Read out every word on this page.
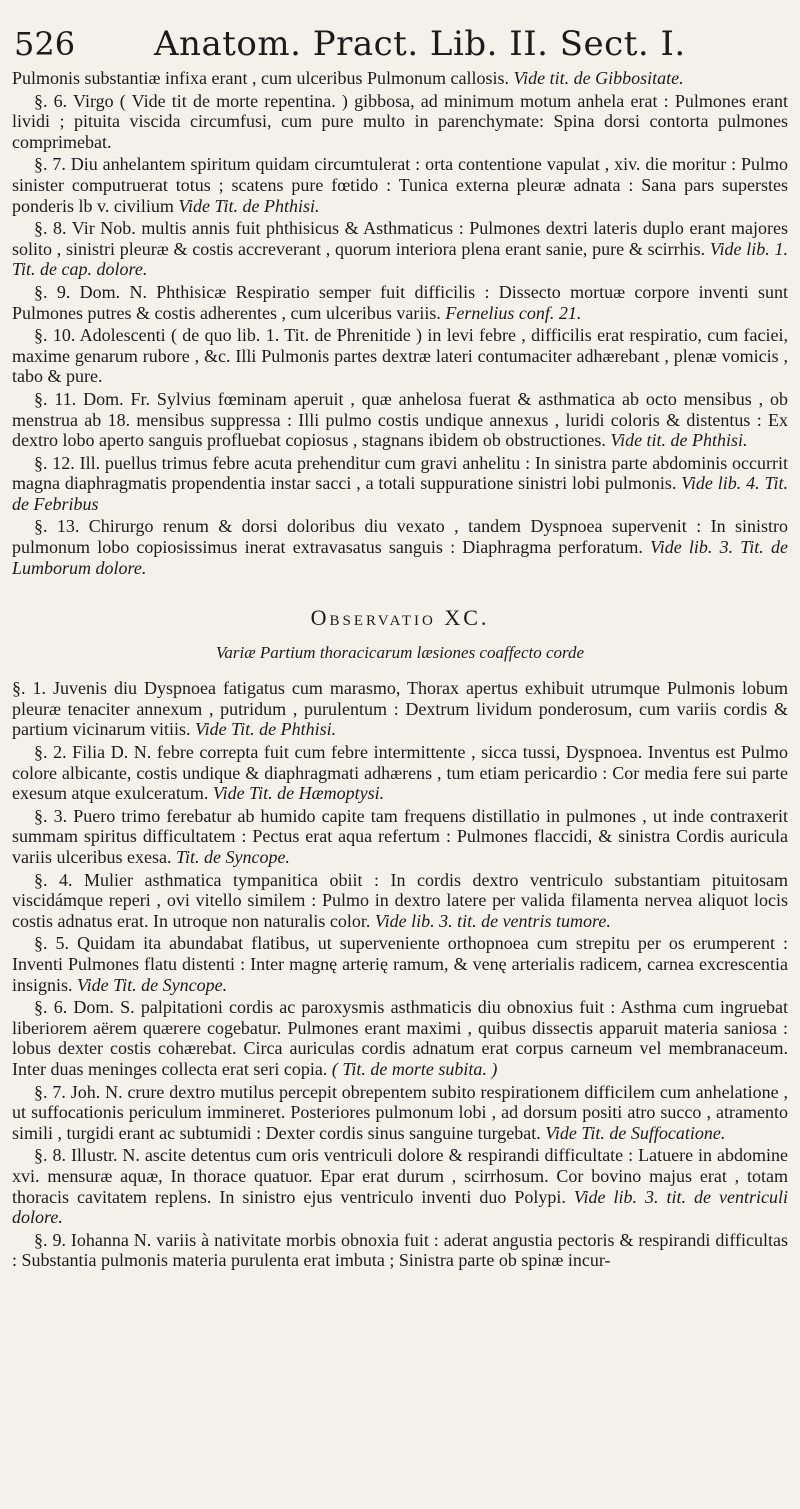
526 Anatom. Pract. Lib. II. Sect. I.

Pulmonis substantiæ infixa erant , cum ulceribus Pulmonum callosis. Vide tit. de Gibbositate.

§. 6. Virgo ( Vide tit de morte repentina. ) gibbosa, ad minimum motum anhela erat : Pulmones erant lividi ; pituita viscida circumfusi, cum pure multo in parenchymate: Spina dorsi contorta pulmones comprimebat.

§. 7. Diu anhelantem spiritum quidam circumtulerat : orta contentione vapulat , xiv. die moritur : Pulmo sinister computruerat totus ; scatens pure fœtido : Tunica externa pleuræ adnata : Sana pars superstes ponderis lb v. civilium Vide Tit. de Phthisi.

§. 8. Vir Nob. multis annis fuit phthisicus & Asthmaticus : Pulmones dextri lateris duplo erant majores solito , sinistri pleuræ & costis accreverant , quorum interiora plena erant sanie, pure & scirrhis. Vide lib. 1. Tit. de cap. dolore.

§. 9. Dom. N. Phthisicæ Respiratio semper fuit difficilis : Dissecto mortuæ corpore inventi sunt Pulmones putres & costis adherentes , cum ulceribus variis. Fernelius conf. 21.

§. 10. Adolescenti ( de quo lib. 1. Tit. de Phrenitide ) in levi febre , difficilis erat respiratio, cum faciei, maxime genarum rubore , &c. Illi Pulmonis partes dextræ lateri contumaciter adhærebant , plenæ vomicis , tabo & pure.

§. 11. Dom. Fr. Sylvius fœminam aperuit , quæ anhelosa fuerat & asthmatica ab octo mensibus , ob menstrua ab 18. mensibus suppressa : Illi pulmo costis undique annexus , luridi coloris & distentus : Ex dextro lobo aperto sanguis profluebat copiosus , stagnans ibidem ob obstructiones. Vide tit. de Phthisi.

§. 12. Ill. puellus trimus febre acuta prehenditur cum gravi anhelitu : In sinistra parte abdominis occurrit magna diaphragmatis propendentia instar sacci , a totali suppuratione sinistri lobi pulmonis. Vide lib. 4. Tit. de Febribus

§. 13. Chirurgo renum & dorsi doloribus diu vexato , tandem Dyspnoea supervenit : In sinistro pulmonum lobo copiosissimus inerat extravasatus sanguis : Diaphragma perforatum. Vide lib. 3. Tit. de Lumborum dolore.

Observatio XC.
Variæ Partium thoracicarum læsiones coaffecto corde

§. 1. Juvenis diu Dyspnoea fatigatus cum marasmo, Thorax apertus exhibuit utrumque Pulmonis lobum pleuræ tenaciter annexum , putridum , purulentum : Dextrum lividum ponderosum, cum variis cordis & partium vicinarum vitiis. Vide Tit. de Phthisi.

§. 2. Filia D. N. febre correpta fuit cum febre intermittente , sicca tussi, Dyspnoea. Inventus est Pulmo colore albicante, costis undique & diaphragmati adhærens , tum etiam pericardio : Cor media fere sui parte exesum atque exulceratum. Vide Tit. de Hæmoptysi.

§. 3. Puero trimo ferebatur ab humido capite tam frequens distillatio in pulmones , ut inde contraxerit summam spiritus difficultatem : Pectus erat aqua refertum : Pulmones flaccidi, & sinistra Cordis auricula variis ulceribus exesa. Tit. de Syncope.

§. 4. Mulier asthmatica tympanitica obiit : In cordis dextro ventriculo substantiam pituitosam viscidámque reperi , ovi vitello similem : Pulmo in dextro latere per valida filamenta nervea aliquot locis costis adnatus erat. In utroque non naturalis color. Vide lib. 3. tit. de ventris tumore.

§. 5. Quidam ita abundabat flatibus, ut superveniente orthopnoea cum strepitu per os erumperent : Inventi Pulmones flatu distenti : Inter magnę arterię ramum, & venę arterialis radicem, carnea excrescentia insignis. Vide Tit. de Syncope.

§. 6. Dom. S. palpitationi cordis ac paroxysmis asthmaticis diu obnoxius fuit : Asthma cum ingruebat liberiorem aërem quærere cogebatur. Pulmones erant maximi , quibus dissectis apparuit materia saniosa : lobus dexter costis cohærebat. Circa auriculas cordis adnatum erat corpus carneum vel membranaceum. Inter duas meninges collecta erat seri copia. ( Tit. de morte subita. )

§. 7. Joh. N. crure dextro mutilus percepit obrepentem subito respirationem difficilem cum anhelatione , ut suffocationis periculum immineret. Posteriores pulmonum lobi , ad dorsum positi atro succo , atramento simili , turgidi erant ac subtumidi : Dexter cordis sinus sanguine turgebat. Vide Tit. de Suffocatione.

§. 8. Illustr. N. ascite detentus cum oris ventriculi dolore & respirandi difficultate : Latuere in abdomine xvi. mensuræ aquæ, In thorace quatuor. Epar erat durum , scirrhosum. Cor bovino majus erat , totam thoracis cavitatem replens. In sinistro ejus ventriculo inventi duo Polypi. Vide lib. 3. tit. de ventriculi dolore.

§. 9. Iohanna N. variis à nativitate morbis obnoxia fuit : aderat angustia pectoris & respirandi difficultas : Substantia pulmonis materia purulenta erat imbuta ; Sinistra parte ob spinæ incur-
